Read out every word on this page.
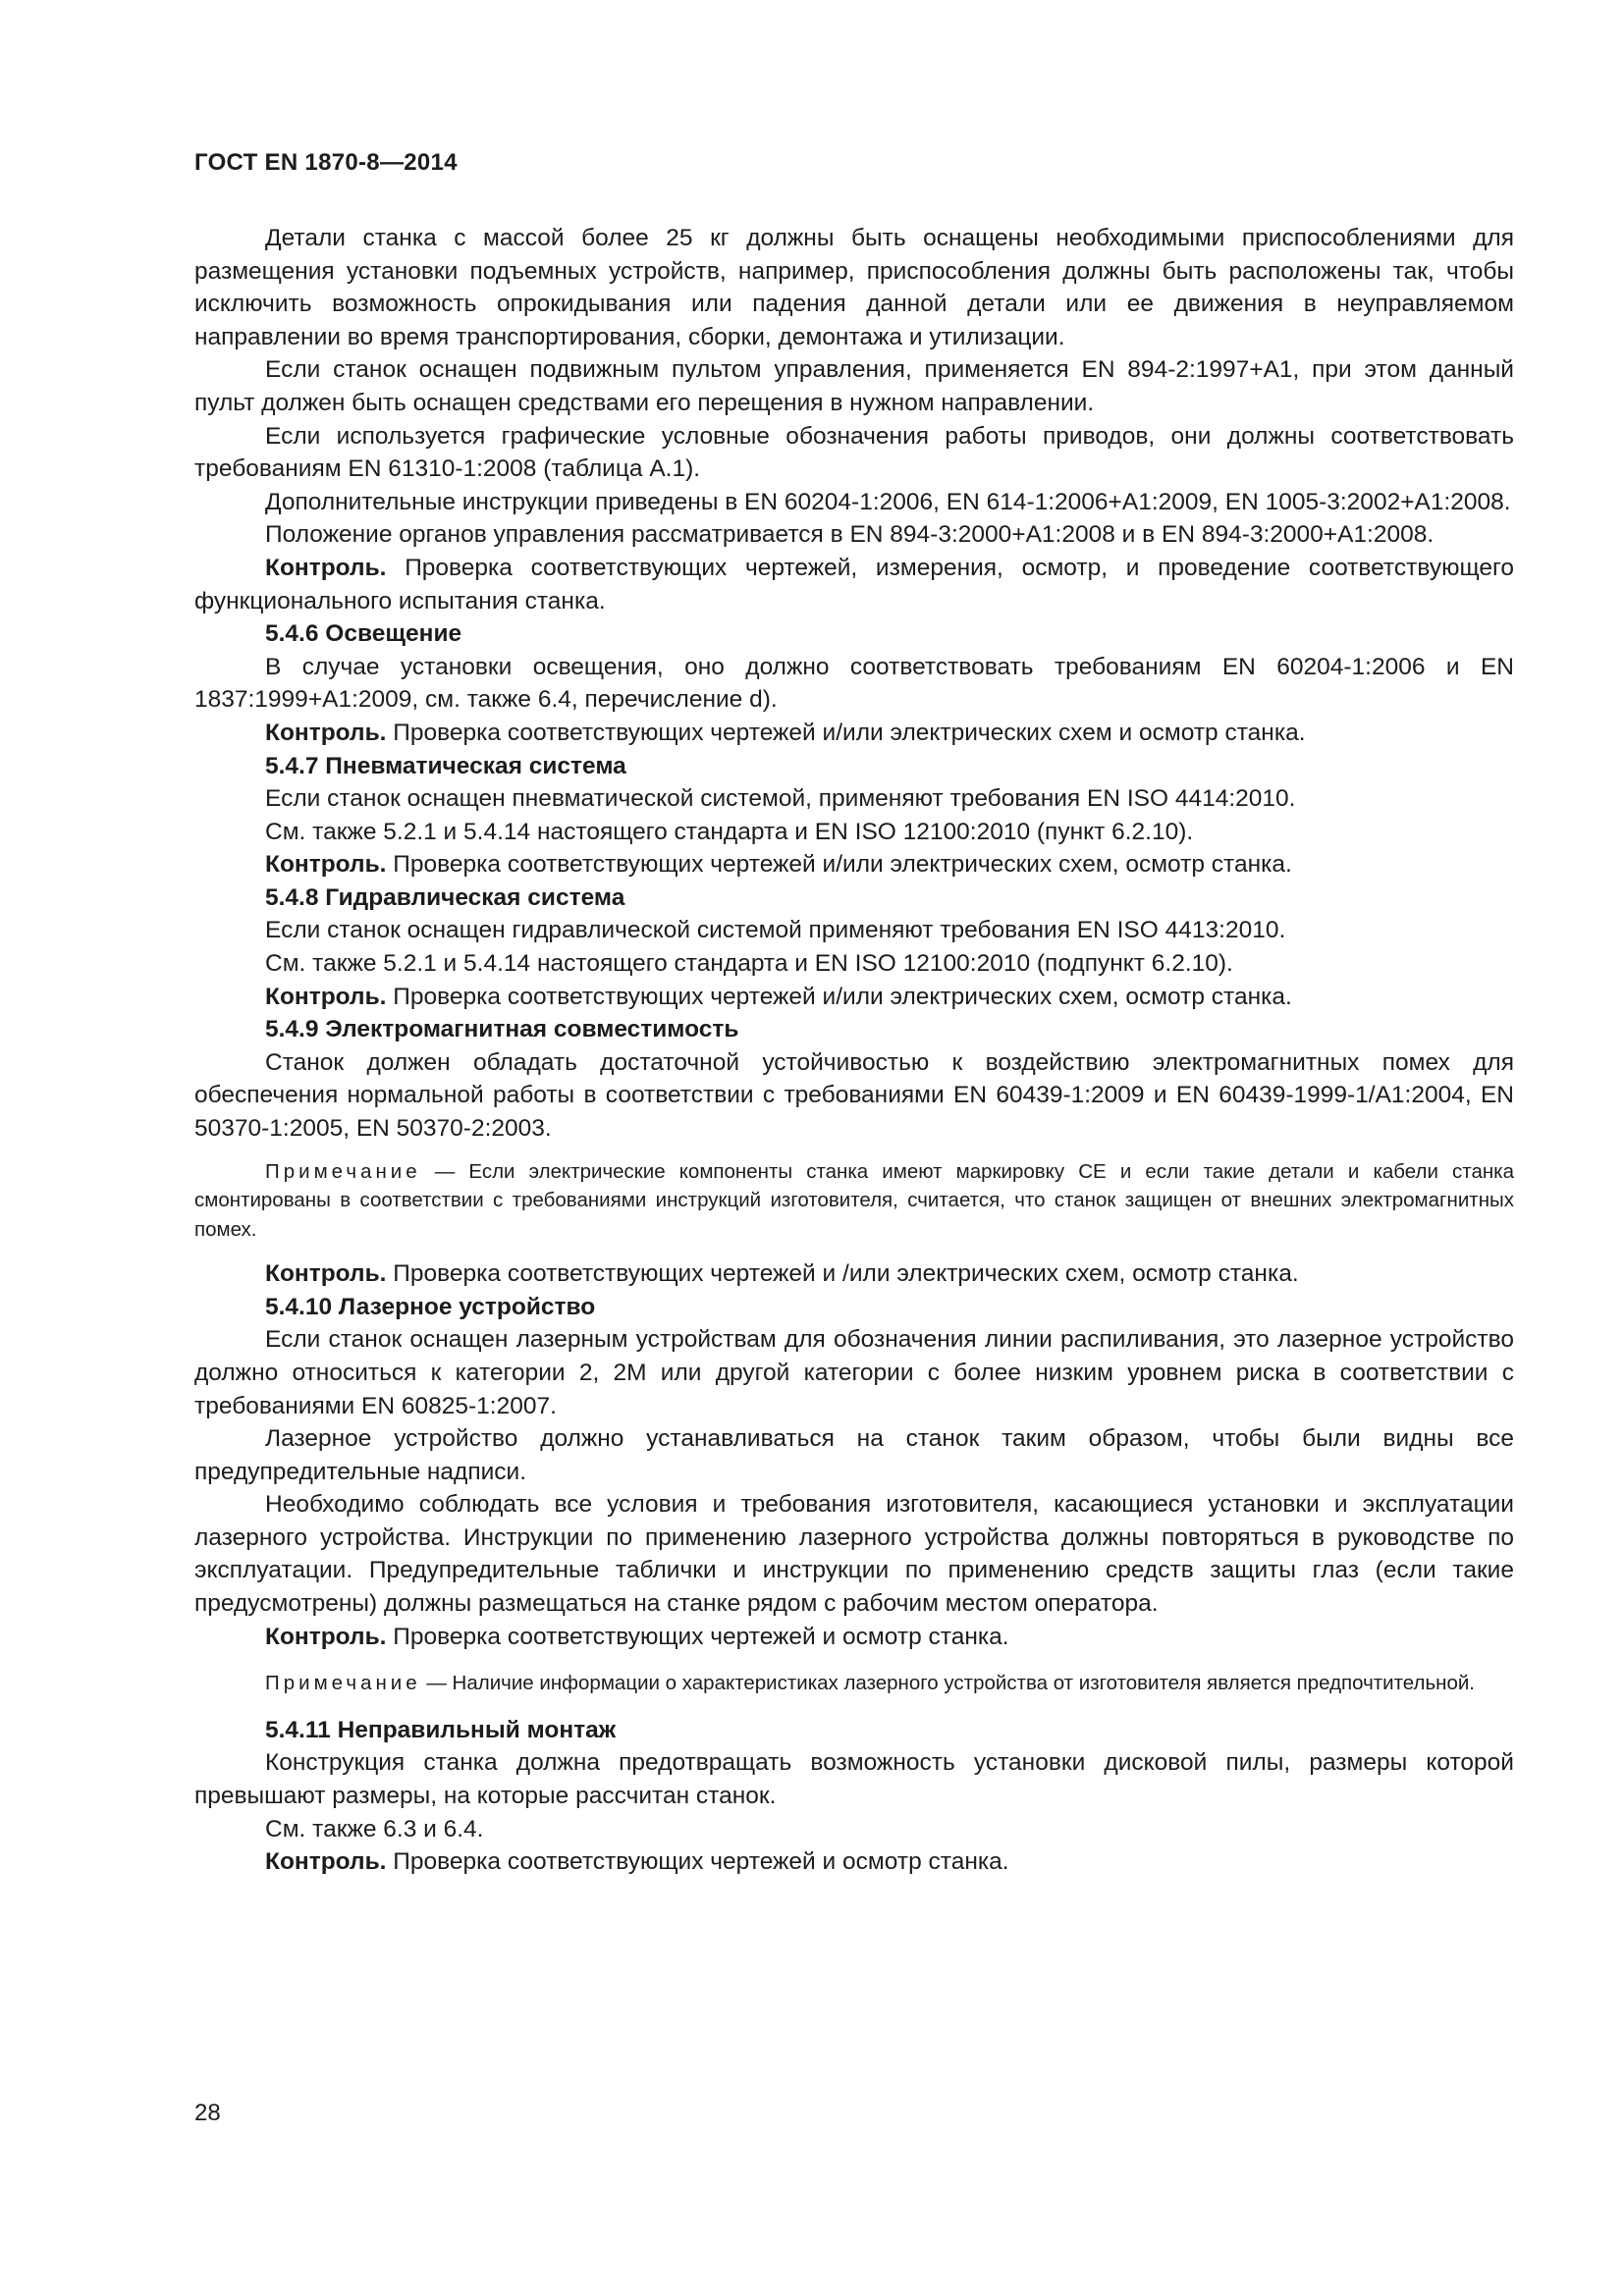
ГОСТ EN 1870-8—2014

Детали станка с массой более 25 кг должны быть оснащены необходимыми приспособлениями для размещения установки подъемных устройств, например, приспособления должны быть расположены так, чтобы исключить возможность опрокидывания или падения данной детали или ее движения в неуправляемом направлении во время транспортирования, сборки, демонтажа и утилизации.

Если станок оснащен подвижным пультом управления, применяется EN 894-2:1997+A1, при этом данный пульт должен быть оснащен средствами его перещения в нужном направлении.

Если используется графические условные обозначения работы приводов, они должны соответствовать требованиям EN 61310-1:2008 (таблица А.1).

Дополнительные инструкции приведены в EN 60204-1:2006, EN 614-1:2006+A1:2009, EN 1005-3:2002+A1:2008.

Положение органов управления рассматривается в EN 894-3:2000+A1:2008 и в EN 894-3:2000+A1:2008.

Контроль. Проверка соответствующих чертежей, измерения, осмотр, и проведение соответствующего функционального испытания станка.

5.4.6 Освещение

В случае установки освещения, оно должно соответствовать требованиям EN 60204-1:2006 и EN 1837:1999+A1:2009, см. также 6.4, перечисление d).

Контроль. Проверка соответствующих чертежей и/или электрических схем и осмотр станка.

5.4.7 Пневматическая система

Если станок оснащен пневматической системой, применяют требования EN ISO 4414:2010.

См. также 5.2.1 и 5.4.14 настоящего стандарта и EN ISO 12100:2010 (пункт 6.2.10).

Контроль. Проверка соответствующих чертежей и/или электрических схем, осмотр станка.

5.4.8 Гидравлическая система

Если станок оснащен гидравлической системой применяют требования EN ISO 4413:2010.

См. также 5.2.1 и 5.4.14 настоящего стандарта и EN ISO 12100:2010 (подпункт 6.2.10).

Контроль. Проверка соответствующих чертежей и/или электрических схем, осмотр станка.

5.4.9 Электромагнитная совместимость

Станок должен обладать достаточной устойчивостью к воздействию электромагнитных помех для обеспечения нормальной работы в соответствии с требованиями EN 60439-1:2009 и EN 60439-1999-1/A1:2004, EN 50370-1:2005, EN 50370-2:2003.

Примечание — Если электрические компоненты станка имеют маркировку CE и если такие детали и кабели станка смонтированы в соответствии с требованиями инструкций изготовителя, считается, что станок защищен от внешних электромагнитных помех.

Контроль. Проверка соответствующих чертежей и /или электрических схем, осмотр станка.

5.4.10 Лазерное устройство

Если станок оснащен лазерным устройствам для обозначения линии распиливания, это лазерное устройство должно относиться к категории 2, 2M или другой категории с более низким уровнем риска в соответствии с требованиями EN 60825-1:2007.

Лазерное устройство должно устанавливаться на станок таким образом, чтобы были видны все предупредительные надписи.

Необходимо соблюдать все условия и требования изготовителя, касающиеся установки и эксплуатации лазерного устройства. Инструкции по применению лазерного устройства должны повторяться в руководстве по эксплуатации. Предупредительные таблички и инструкции по применению средств защиты глаз (если такие предусмотрены) должны размещаться на станке рядом с рабочим местом оператора.

Контроль. Проверка соответствующих чертежей и осмотр станка.

Примечание — Наличие информации о характеристиках лазерного устройства от изготовителя является предпочтительной.

5.4.11 Неправильный монтаж

Конструкция станка должна предотвращать возможность установки дисковой пилы, размеры которой превышают размеры, на которые рассчитан станок.

См. также 6.3 и 6.4.

Контроль. Проверка соответствующих чертежей и осмотр станка.

28
